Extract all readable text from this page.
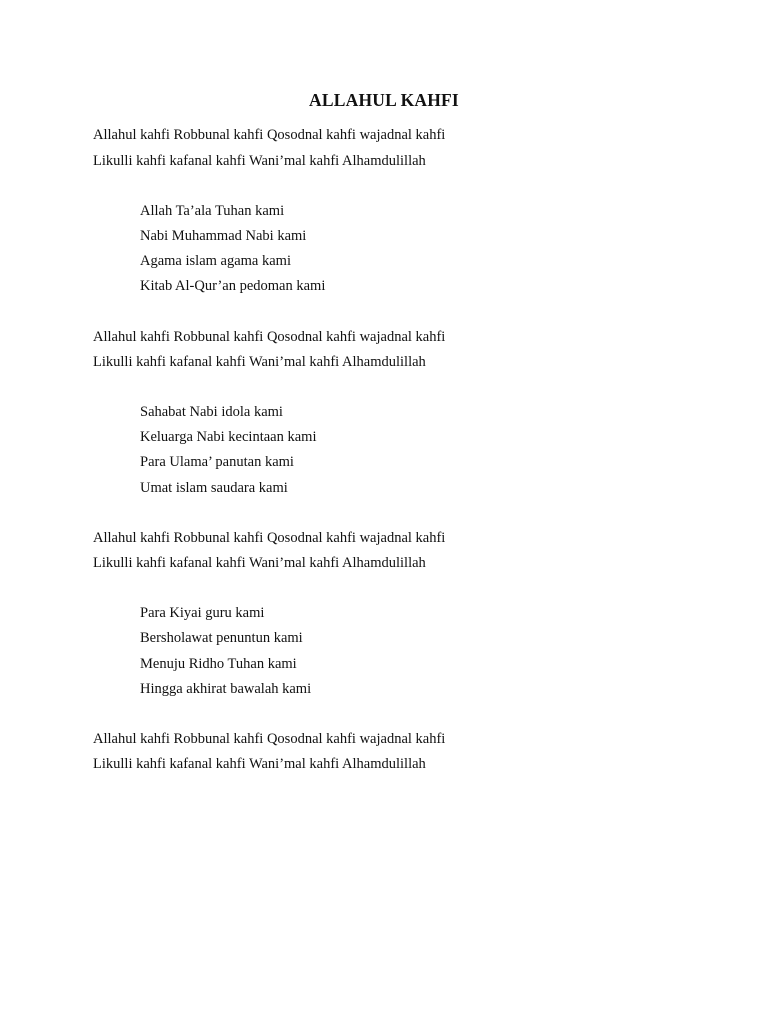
ALLAHUL KAHFI
Allahul kahfi Robbunal kahfi Qosodnal kahfi wajadnal kahfi
Likulli kahfi kafanal kahfi Wani’mal kahfi Alhamdulillah
Allah Ta’ala Tuhan kami
Nabi Muhammad Nabi kami
Agama islam agama kami
Kitab Al-Qur’an pedoman kami
Allahul kahfi Robbunal kahfi Qosodnal kahfi wajadnal kahfi
Likulli kahfi kafanal kahfi Wani’mal kahfi Alhamdulillah
Sahabat Nabi idola kami
Keluarga Nabi kecintaan kami
Para Ulama’ panutan kami
Umat islam saudara kami
Allahul kahfi Robbunal kahfi Qosodnal kahfi wajadnal kahfi
Likulli kahfi kafanal kahfi Wani’mal kahfi Alhamdulillah
Para Kiyai guru kami
Bersholawat penuntun kami
Menuju Ridho Tuhan kami
Hingga akhirat bawalah kami
Allahul kahfi Robbunal kahfi Qosodnal kahfi wajadnal kahfi
Likulli kahfi kafanal kahfi Wani’mal kahfi Alhamdulillah
